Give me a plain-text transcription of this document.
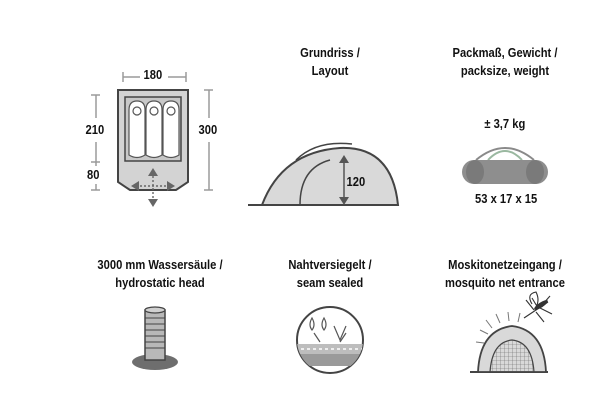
180
210	300
80
Grundriss /
Layout
120
Packmaß, Gewicht /
packsize, weight
± 3,7 kg
53 x 17 x 15
3000 mm Wassersäule /
hydrostatic head
Nahtversiegelt /
seam sealed
Moskitonetzeingang /
mosquito net entrance
